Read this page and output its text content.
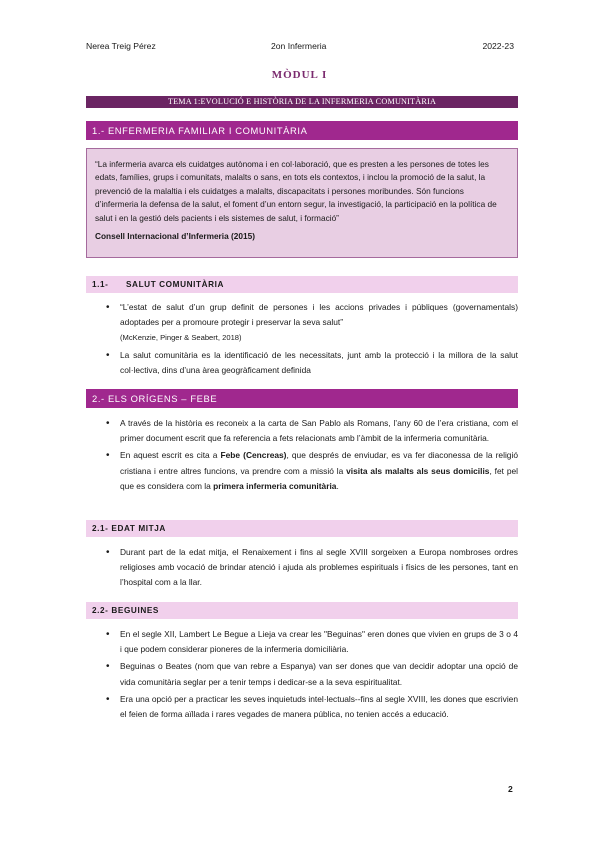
Nerea Treig Pérez	2on Infermeria	2022-23
MÒDUL I
TEMA 1:EVOLUCIÓ E HISTÒRIA DE LA INFERMERIA COMUNITÀRIA
1.- ENFERMERIA FAMILIAR I COMUNITÀRIA

“La infermeria avarca els cuidatges autònoma i en col·laboració, que es presten a les persones de totes les edats, famílies, grups i comunitats, malalts o sans, en tots els contextos, i inclou la promoció de la salut, la prevenció de la malaltia i els cuidatges a malalts, discapacitats i persones moribundes. Són funcions d’infermeria la defensa de la salut, el foment d’un entorn segur, la investigació, la participació en la política de salut i en la gestió dels pacients i els sistemes de salut, i formació”

Consell Internacional d’Infermeria (2015)

1.1- SALUT COMUNITÀRIA
• “L’estat de salut d’un grup definit de persones i les accions privades i públiques (governamentals) adoptades per a promoure protegir i preservar la seva salut”
(McKenzie, Pinger & Seabert, 2018)
• La salut comunitària es la identificació de les necessitats, junt amb la protecció i la millora de la salut col·lectiva, dins d’una àrea geogràficament definida
2.- ELS ORÍGENS – FEBE
• A través de la història es reconeix a la carta de San Pablo als Romans, l’any 60 de l’era cristiana, com el primer document escrit que fa referencia a fets relacionats amb l’àmbit de la infermeria comunitària.
• En aquest escrit es cita a Febe (Cencreas), que després de enviudar, es va fer diaconessa de la religió cristiana i entre altres funcions, va prendre com a missió la visita als malalts als seus domicilis, fet pel que es considera com la primera infermeria comunitària.
2.1- EDAT MITJA
• Durant part de la edat mitja, el Renaixement i fins al segle XVIII sorgeixen a Europa nombroses ordres religioses amb vocació de brindar atenció i ajuda als problemes espirituals i físics de les persones, tant en l’hospital com a la llar.
2.2- BEGUINES
• En el segle XII, Lambert Le Begue a Lieja va crear les "Beguinas" eren dones que vivien en grups de 3 o 4 i que podem considerar pioneres de la infermeria domiciliària.
• Beguinas o Beates (nom que van rebre a Espanya) van ser dones que van decidir adoptar una opció de vida comunitària seglar per a tenir temps i dedicar-se a la seva espiritualitat.
• Era una opció per a practicar les seves inquietuds intel·lectuals--fins al segle XVIII, les dones que escrivien el feien de forma aïllada i rares vegades de manera pública, no tenien accés a educació.
2
